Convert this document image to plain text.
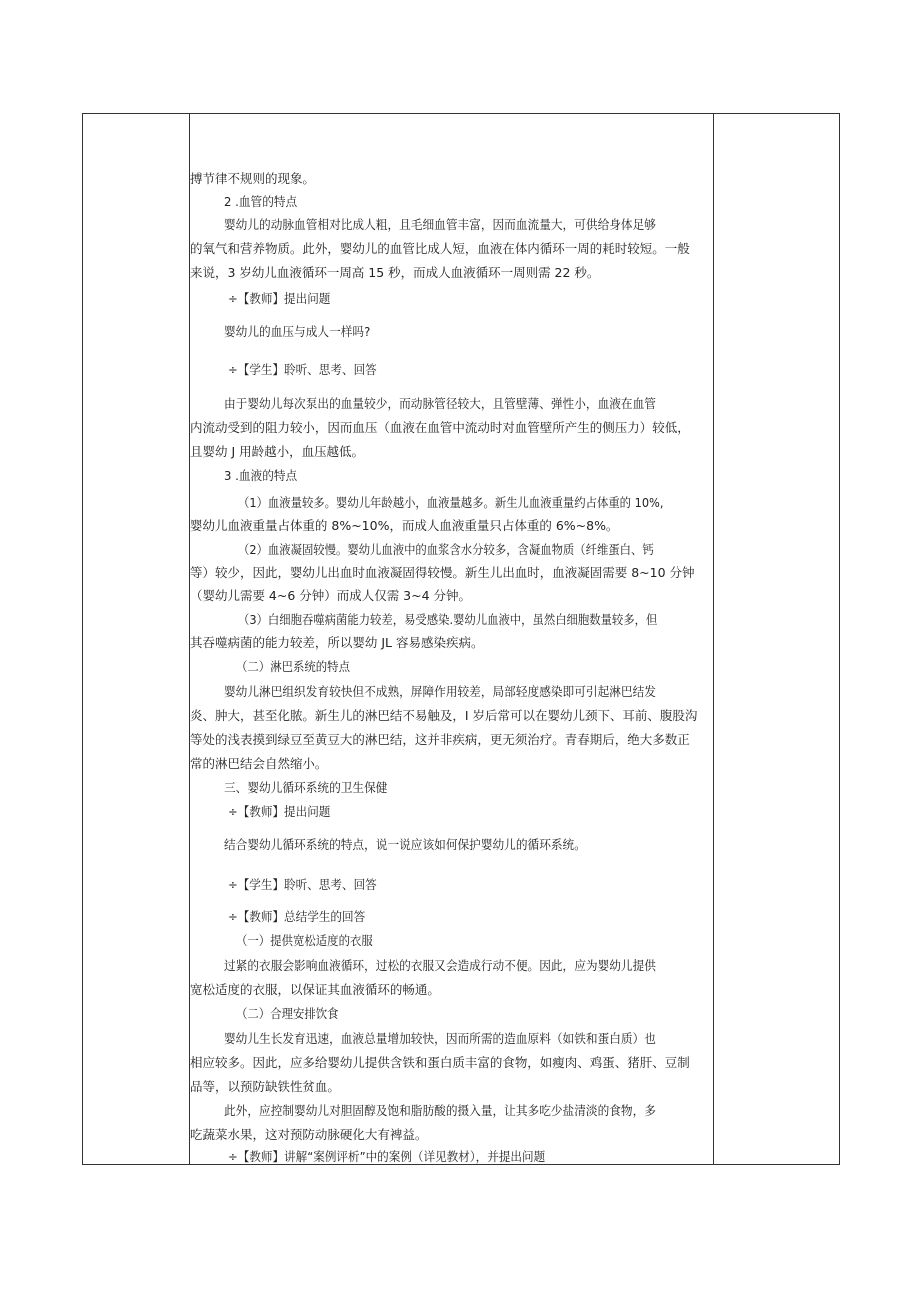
搏节律不规则的现象。
2 .血管的特点
婴幼儿的动脉血管相对比成人粗，且毛细血管丰富，因而血流量大，可供给身体足够
的氧气和营养物质。此外，婴幼儿的血管比成人短，血液在体内循环一周的耗时较短。一般
来说，3 岁幼儿血液循环一周高 15 秒，而成人血液循环一周则需 22 秒。
÷【教师】提出问题
婴幼儿的血压与成人一样吗?
÷【学生】聆听、思考、回答
由于婴幼儿每次泵出的血量较少，而动脉管径较大，且管壁薄、弹性小，血液在血管
内流动受到的阻力较小，因而血压（血液在血管中流动时对血管壁所产生的侧压力）较低，
且婴幼 J 用龄越小，血压越低。
3 .血液的特点
（1）血液量较多。婴幼儿年龄越小，血液量越多。新生儿血液重量约占体重的 10%,
婴幼儿血液重量占体重的 8%~10%，而成人血液重量只占体重的 6%~8%。
（2）血液凝固较慢。婴幼儿血液中的血浆含水分较多，含凝血物质（纤维蛋白、钙
等）较少，因此，婴幼儿出血时血液凝固得较慢。新生儿出血时，血液凝固需要 8~10 分钟
（婴幼儿需要 4~6 分钟）而成人仅需 3~4 分钟。
（3）白细胞吞噬病菌能力较差，易受感染.婴幼儿血液中，虽然白细胞数量较多，但
其吞噬病菌的能力较差，所以婴幼 JL 容易感染疾病。
（二）淋巴系统的特点
婴幼儿淋巴组织发育较快但不成熟，屏障作用较差，局部轻度感染即可引起淋巴结发
炎、肿大，甚至化脓。新生儿的淋巴结不易触及，I 岁后常可以在婴幼儿颈下、耳前、腹股沟
等处的浅表摸到绿豆至黄豆大的淋巴结，这并非疾病，更无须治疗。青春期后，绝大多数正
常的淋巴结会自然缩小。
三、婴幼儿循环系统的卫生保健
÷【教师】提出问题
结合婴幼儿循环系统的特点，说一说应该如何保护婴幼儿的循环系统。
÷【学生】聆听、思考、回答
÷【教师】总结学生的回答
（一）提供宽松适度的衣服
过紧的衣服会影响血液循环，过松的衣服又会造成行动不便。因此，应为婴幼儿提供
宽松适度的衣服，以保证其血液循环的畅通。
（二）合理安排饮食
婴幼儿生长发育迅速，血液总量增加较快，因而所需的造血原料（如铁和蛋白质）也
相应较多。因此，应多给婴幼儿提供含铁和蛋白质丰富的食物，如瘦肉、鸡蛋、猪肝、豆制
品等，以预防缺铁性贫血。
此外，应控制婴幼儿对胆固醇及饱和脂肪酸的摄入量，让其多吃少盐清淡的食物，多
吃蔬菜水果，这对预防动脉硬化大有裨益。
÷【教师】讲解“案例评析”中的案例（详见教材），并提出问题
